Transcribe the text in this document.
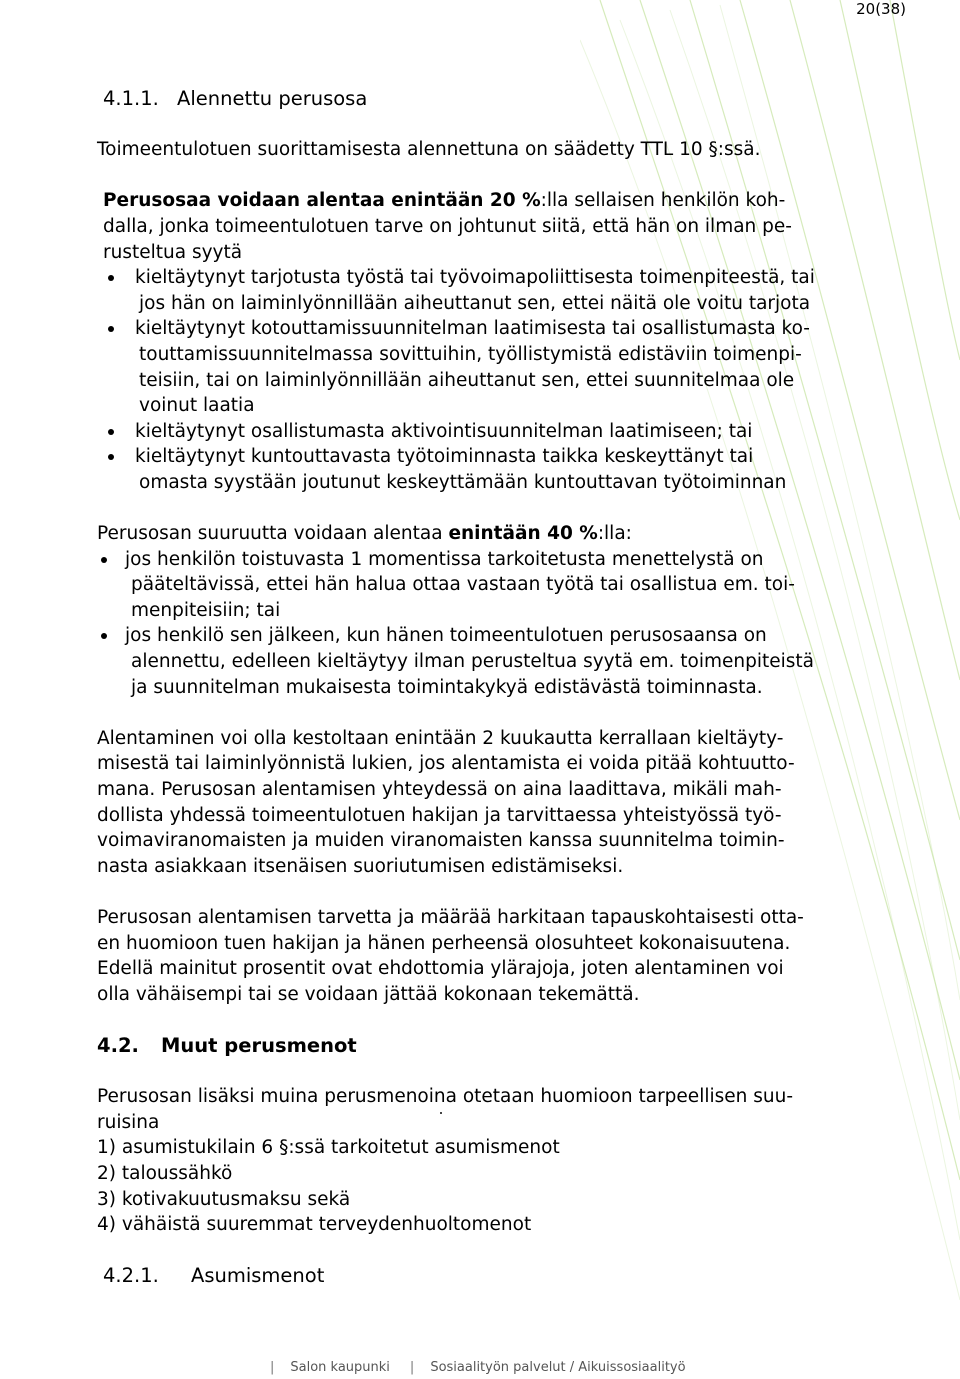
20(38)

4.1.1. Alennettu perusosa

Toimeentulotuen suorittamisesta alennettuna on säädetty TTL 10 §:ssä.

Perusosaa voidaan alentaa enintään 20 %:lla sellaisen henkilön koh-

dalla, jonka toimeentulotuen tarve on johtunut siitä, että hän on ilman pe-

rusteltua syytä

kieltäytynyt tarjotusta työstä tai työvoimapoliittisesta toimenpiteestä, tai
jos hän on laiminlyönnillään aiheuttanut sen, ettei näitä ole voitu tarjota
kieltäytynyt kotouttamissuunnitelman laatimisesta tai osallistumasta ko-
touttamissuunnitelmassa sovittuihin, työllistymistä edistäviin toimenpi-
teisiin, tai on laiminlyönnillään aiheuttanut sen, ettei suunnitelmaa ole
voinut laatia
kieltäytynyt osallistumasta aktivointisuunnitelman laatimiseen; tai
kieltäytynyt kuntouttavasta työtoiminnasta taikka keskeyttänyt tai
omasta syystään joutunut keskeyttämään kuntouttavan työtoiminnan

Perusosan suuruutta voidaan alentaa enintään 40 %:lla:

jos henkilön toistuvasta 1 momentissa tarkoitetusta menettelystä on
pääteltävissä, ettei hän halua ottaa vastaan työtä tai osallistua em. toi-
menpiteisiin; tai
jos henkilö sen jälkeen, kun hänen toimeentulotuen perusosaansa on
alennettu, edelleen kieltäytyy ilman perusteltua syytä em. toimenpiteistä
ja suunnitelman mukaisesta toimintakykyä edistävästä toiminnasta.

Alentaminen voi olla kestoltaan enintään 2 kuukautta kerrallaan kieltäyty-

misestä tai laiminlyönnistä lukien, jos alentamista ei voida pitää kohtuutto-

mana. Perusosan alentamisen yhteydessä on aina laadittava, mikäli mah-

dollista yhdessä toimeentulotuen hakijan ja tarvittaessa yhteistyössä työ-

voimaviranomaisten ja muiden viranomaisten kanssa suunnitelma toimin-

nasta asiakkaan itsenäisen suoriutumisen edistämiseksi.

Perusosan alentamisen tarvetta ja määrää harkitaan tapauskohtaisesti otta-

en huomioon tuen hakijan ja hänen perheensä olosuhteet kokonaisuutena.

Edellä mainitut prosentit ovat ehdottomia ylärajoja, joten alentaminen voi

olla vähäisempi tai se voidaan jättää kokonaan tekemättä.

4.2. Muut perusmenot

Perusosan lisäksi muina perusmenoina otetaan huomioon tarpeellisen suu-

ruisina

1) asumistukilain 6 §:ssä tarkoitetut asumismenot

2) taloussähkö

3) kotivakuutusmaksu sekä

4) vähäistä suuremmat terveydenhuoltomenot

4.2.1. Asumismenot

| Salon kaupunki | Sosiaalityön palvelut / Aikuissosiaalityö
